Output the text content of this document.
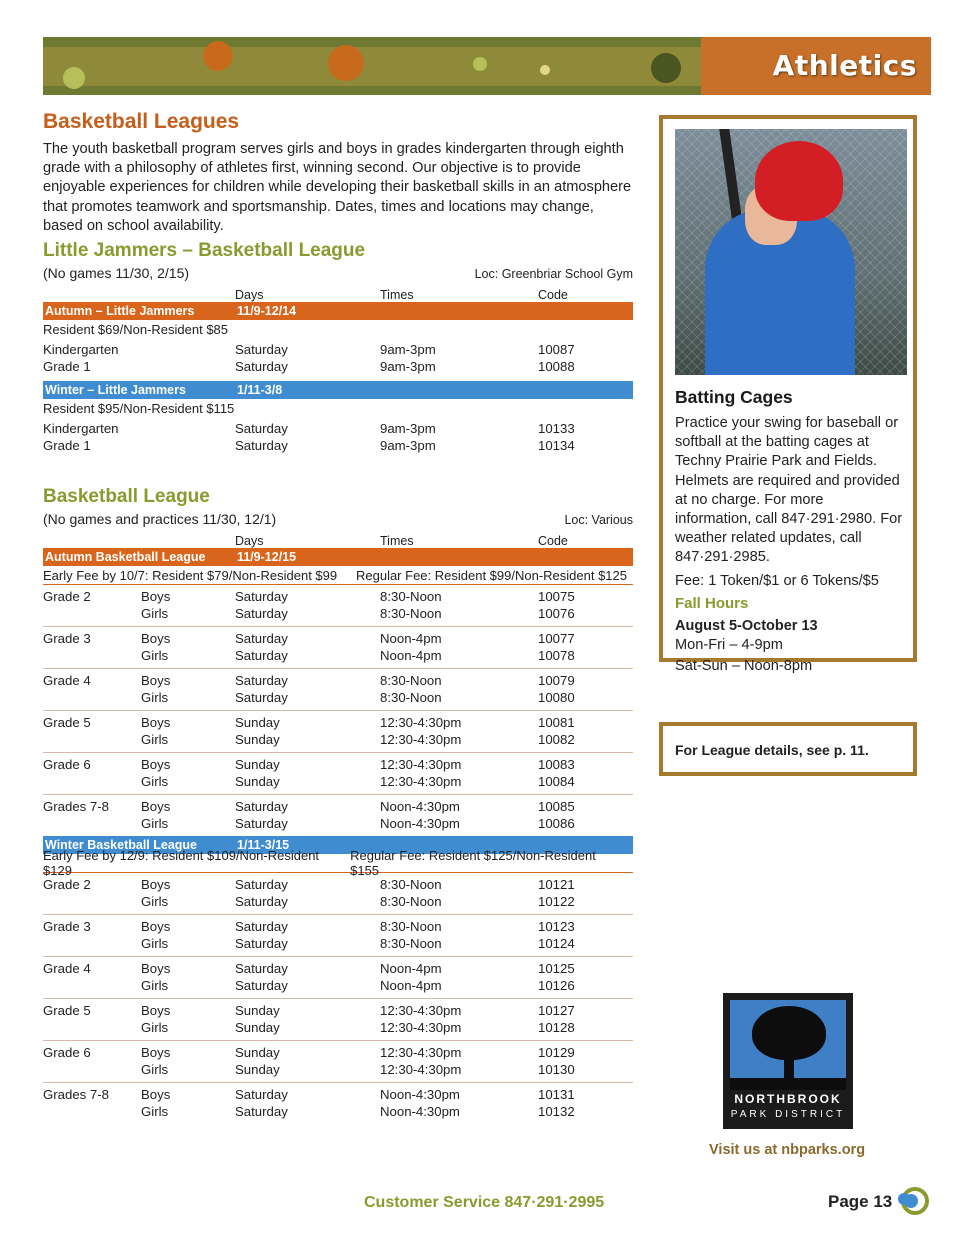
Athletics
Basketball Leagues

The youth basketball program serves girls and boys in grades kindergarten through eighth grade with a philosophy of athletes first, winning second. Our objective is to provide enjoyable experiences for children while developing their basketball skills in an atmosphere that promotes teamwork and sportsmanship. Dates, times and locations may change, based on school availability.

Little Jammers – Basketball League
(No games 11/30, 2/15)	Loc: Greenbriar School Gym
Days	Times	Code
Autumn – Little Jammers	11/9-12/14
Resident $69/Non-Resident $85
Kindergarten	Saturday	9am-3pm	10087
Grade 1	Saturday	9am-3pm	10088
Winter – Little Jammers	1/11-3/8
Resident $95/Non-Resident $115
Kindergarten	Saturday	9am-3pm	10133
Grade 1	Saturday	9am-3pm	10134
Basketball League
(No games and practices 11/30, 12/1)	Loc: Various
Days	Times	Code
Autumn Basketball League	11/9-12/15
Early Fee by 10/7: Resident $79/Non-Resident $99 Regular Fee: Resident $99/Non-Resident $125
Grade 2	Boys	Saturday	8:30-Noon	10075
Girls	Saturday	8:30-Noon	10076
Grade 3	Boys	Saturday	Noon-4pm	10077
Girls	Saturday	Noon-4pm	10078
Grade 4	Boys	Saturday	8:30-Noon	10079
Girls	Saturday	8:30-Noon	10080
Grade 5	Boys	Sunday	12:30-4:30pm	10081
Girls	Sunday	12:30-4:30pm	10082
Grade 6	Boys	Sunday	12:30-4:30pm	10083
Girls	Sunday	12:30-4:30pm	10084
Grades 7-8	Boys	Saturday	Noon-4:30pm	10085
Girls	Saturday	Noon-4:30pm	10086
Winter Basketball League	1/11-3/15
Early Fee by 12/9: Resident $109/Non-Resident $129
Regular Fee: Resident $125/Non-Resident $155
Grade 2	Boys	Saturday	8:30-Noon	10121
Girls	Saturday	8:30-Noon	10122
Grade 3	Boys	Saturday	8:30-Noon	10123
Girls	Saturday	8:30-Noon	10124
Grade 4	Boys	Saturday	Noon-4pm	10125
Girls	Saturday	Noon-4pm	10126
Grade 5	Boys	Sunday	12:30-4:30pm	10127
Girls	Sunday	12:30-4:30pm	10128
Grade 6	Boys	Sunday	12:30-4:30pm	10129
Girls	Sunday	12:30-4:30pm	10130
Grades 7-8	Boys	Saturday	Noon-4:30pm	10131
Girls	Saturday	Noon-4:30pm	10132
Batting Cages

Practice your swing for baseball or softball at the batting cages at Techny Prairie Park and Fields. Helmets are required and provided at no charge. For more information, call 847·291·2980. For weather related updates, call 847·291·2985.

Fee: 1 Token/$1 or 6 Tokens/$5

Fall Hours
August 5-October 13
Mon-Fri – 4-9pm
Sat-Sun – Noon-8pm
For League details, see p. 11.
NORTHBROOK
PARK DISTRICT
Visit us at nbparks.org
Customer Service 847·291·2995	Page 13
